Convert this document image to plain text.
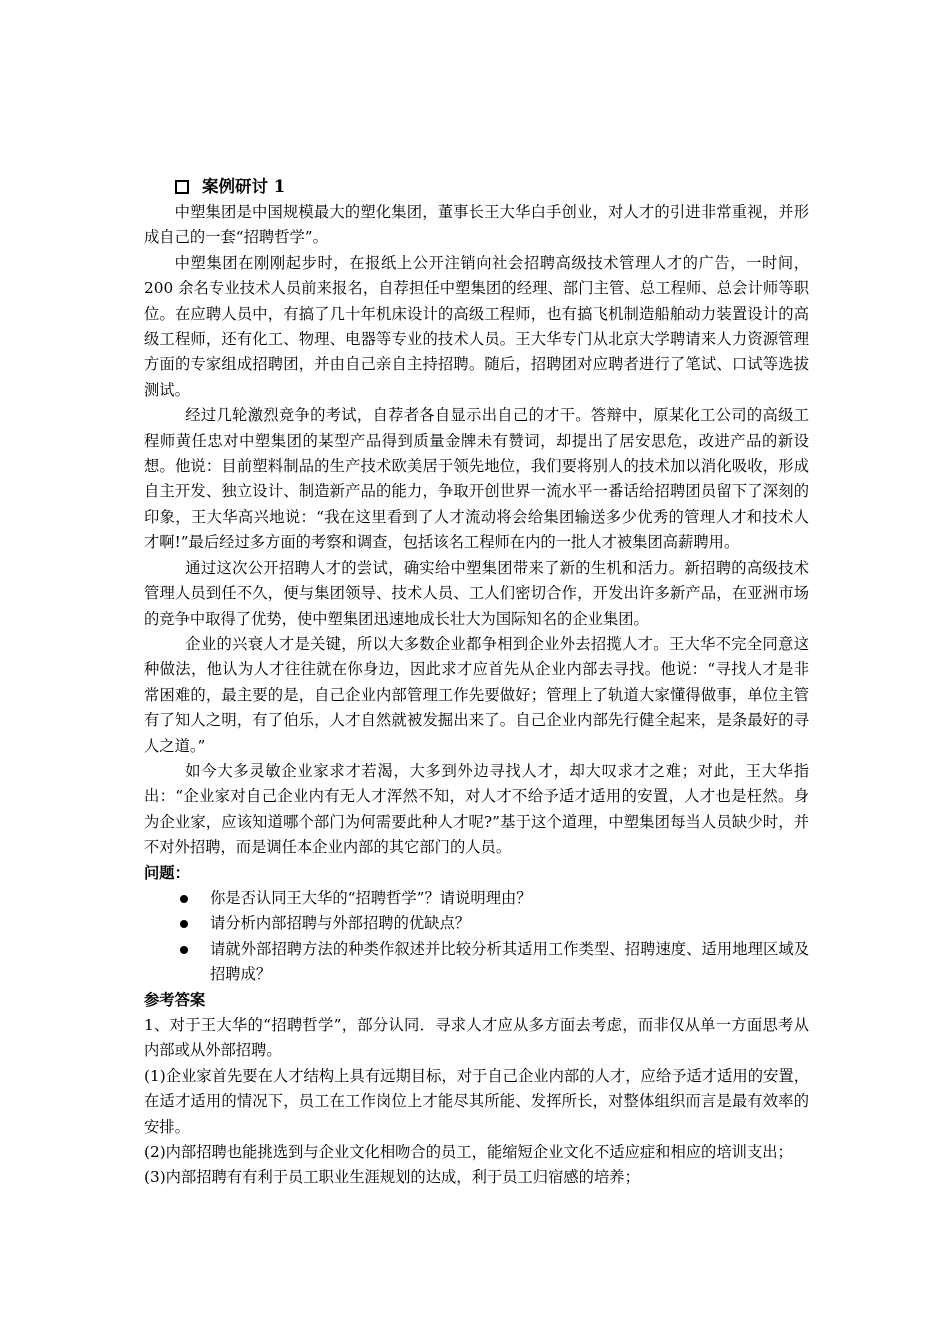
案例研讨 1

中塑集团是中国规模最大的塑化集团，董事长王大华白手创业，对人才的引进非常重视，并形成自己的一套“招聘哲学”。

中塑集团在刚刚起步时，在报纸上公开注销向社会招聘高级技术管理人才的广告，一时间，200 余名专业技术人员前来报名，自荐担任中塑集团的经理、部门主管、总工程师、总会计师等职位。在应聘人员中，有搞了几十年机床设计的高级工程师，也有搞飞机制造船舶动力装置设计的高级工程师，还有化工、物理、电器等专业的技术人员。王大华专门从北京大学聘请来人力资源管理方面的专家组成招聘团，并由自己亲自主持招聘。随后，招聘团对应聘者进行了笔试、口试等选拔测试。

经过几轮激烈竞争的考试，自荐者各自显示出自己的才干。答辩中，原某化工公司的高级工程师黄任忠对中塑集团的某型产品得到质量金牌未有赞词，却提出了居安思危，改进产品的新设想。他说：目前塑料制品的生产技术欧美居于领先地位，我们要将别人的技术加以消化吸收，形成自主开发、独立设计、制造新产品的能力，争取开创世界一流水平一番话给招聘团员留下了深刻的印象，王大华高兴地说：“我在这里看到了人才流动将会给集团输送多少优秀的管理人才和技术人才啊!”最后经过多方面的考察和调查，包括该名工程师在内的一批人才被集团高薪聘用。

通过这次公开招聘人才的尝试，确实给中塑集团带来了新的生机和活力。新招聘的高级技术管理人员到任不久，便与集团领导、技术人员、工人们密切合作，开发出许多新产品，在亚洲市场的竞争中取得了优势，使中塑集团迅速地成长壮大为国际知名的企业集团。

企业的兴衰人才是关键，所以大多数企业都争相到企业外去招揽人才。王大华不完全同意这种做法，他认为人才往往就在你身边，因此求才应首先从企业内部去寻找。他说：“寻找人才是非常困难的，最主要的是，自己企业内部管理工作先要做好；管理上了轨道大家懂得做事，单位主管有了知人之明，有了伯乐，人才自然就被发掘出来了。自己企业内部先行健全起来，是条最好的寻人之道。”

如今大多灵敏企业家求才若渴，大多到外边寻找人才，却大叹求才之难；对此，王大华指出：“企业家对自己企业内有无人才浑然不知，对人才不给予适才适用的安置，人才也是枉然。身为企业家，应该知道哪个部门为何需要此种人才呢?”基于这个道理，中塑集团每当人员缺少时，并不对外招聘，而是调任本企业内部的其它部门的人员。

问题：

你是否认同王大华的“招聘哲学”？请说明理由？
请分析内部招聘与外部招聘的优缺点？
请就外部招聘方法的种类作叙述并比较分析其适用工作类型、招聘速度、适用地理区域及招聘成？

参考答案

1、对于王大华的“招聘哲学”，部分认同．寻求人才应从多方面去考虑，而非仅从单一方面思考从内部或从外部招聘。

(1)企业家首先要在人才结构上具有远期目标，对于自己企业内部的人才，应给予适才适用的安置，在适才适用的情况下，员工在工作岗位上才能尽其所能、发挥所长，对整体组织而言是最有效率的安排。

(2)内部招聘也能挑选到与企业文化相吻合的员工，能缩短企业文化不适应症和相应的培训支出；

(3)内部招聘有有利于员工职业生涯规划的达成，利于员工归宿感的培养；
